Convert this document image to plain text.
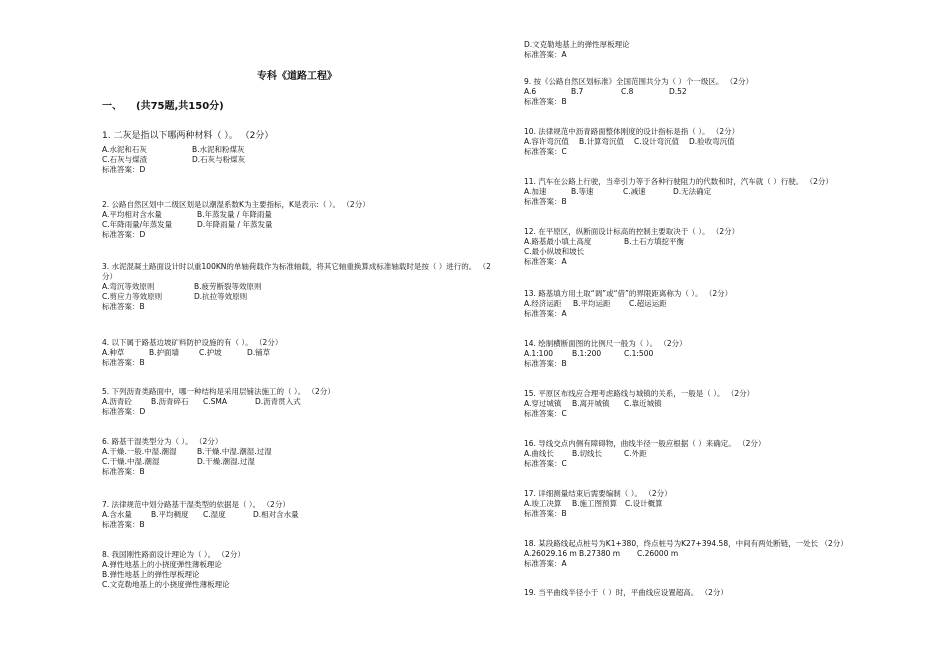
专科《道路工程》
一、 (共75题,共150分)
1. 二灰是指以下哪两种材料（ ）。 （2分）
A.水泥和石灰	B.水泥和粉煤灰
C.石灰与煤渣	D.石灰与粉煤灰
标准答案：D
2. 公路自然区划中二级区划是以潮湿系数K为主要指标，K是表示:（ ）。 （2分）
A.平均相对含水量	B.年蒸发量 / 年降雨量
C.年降雨量/年蒸发量	D.年降雨量 / 年蒸发量
标准答案：D
3. 水泥混凝土路面设计时以重100KN的单轴荷载作为标准轴载，将其它轴重换算成标准轴载时是按（ ）进行的。 （2分）
A.弯沉等效原则	B.疲劳断裂等效原则
C.剪应力等效原则	D.抗拉等效原则
标准答案：B
4. 以下属于路基边坡矿料防护设施的有（ ）。 （2分）
A.种草	B.护面墙	C.护坡	D.铺草
标准答案：B
5. 下列沥青类路面中，哪一种结构是采用层铺法施工的（ ）。 （2分）
A.沥青砼	B.沥青碎石 C.SMA	D.沥青贯入式
标准答案：D
6. 路基干湿类型分为（ ）。 （2分）
A.干燥.一般.中湿.潮湿	B.干燥.中湿.潮湿.过湿
C.干燥.中湿.潮湿	D.干燥.潮湿.过湿
标准答案：B
7. 法律规范中划分路基干湿类型的依据是（ ）。 （2分）
A.含水量	B.平均稠度 C.湿度	D.相对含水量
标准答案：B
8. 我国刚性路面设计理论为（ ）。 （2分）
A.弹性地基上的小挠度弹性薄板理论
B.弹性地基上的弹性厚板理论
C.文克勒地基上的小挠度弹性薄板理论
D.文克勒地基上的弹性厚板理论
标准答案：A
9. 按《公路自然区划标准》全国范围共分为（ ）个一级区。 （2分）
A.6	B.7	C.8	D.52
标准答案：B
10. 法律规范中沥青路面整体刚度的设计指标是指（ ）。 （2分）
A.容许弯沉值 B.计算弯沉值 C.设计弯沉值 D.验收弯沉值
标准答案：C
11. 汽车在公路上行驶，当牵引力等于各种行驶阻力的代数和时，汽车就（ ）行驶。 （2分）
A.加速	B.等速	C.减速	D.无法确定
标准答案：B
12. 在平原区，纵断面设计标高的控制主要取决于（ ）。 （2分）
A.路基最小填土高度	B.土石方填挖平衡
C.最小纵坡和坡长
标准答案：A
13. 路基填方用土取“调”或“借”的界限距离称为（ ）。 （2分）
A.经济运距 B.平均运距 C.超运运距
标准答案：A
14. 绘制横断面图的比例尺一般为（ ）。 （2分）
A.1:100	B.1:200	C.1:500
标准答案：B
15. 平原区布线应合理考虑路线与城镇的关系，一般是（ ）。 （2分）
A.穿过城镇 B.离开城镇 C.靠近城镇
标准答案：C
16. 导线交点内侧有障碍物，曲线半径一般应根据（ ）来确定。 （2分）
A.曲线长 B.切线长	C.外距
标准答案：C
17. 详细测量结束后需要编制（ ）。 （2分）
A.竣工决算 B.施工图预算 C.设计概算
标准答案：B
18. 某段路线起点桩号为K1+380，终点桩号为K27+394.58，中间有两处断链，一处长 （2分）
A.26029.16 m B.27380 m C.26000 m
标准答案：A
19. 当平曲线半径小于（ ）时，平曲线应设置超高。 （2分）
